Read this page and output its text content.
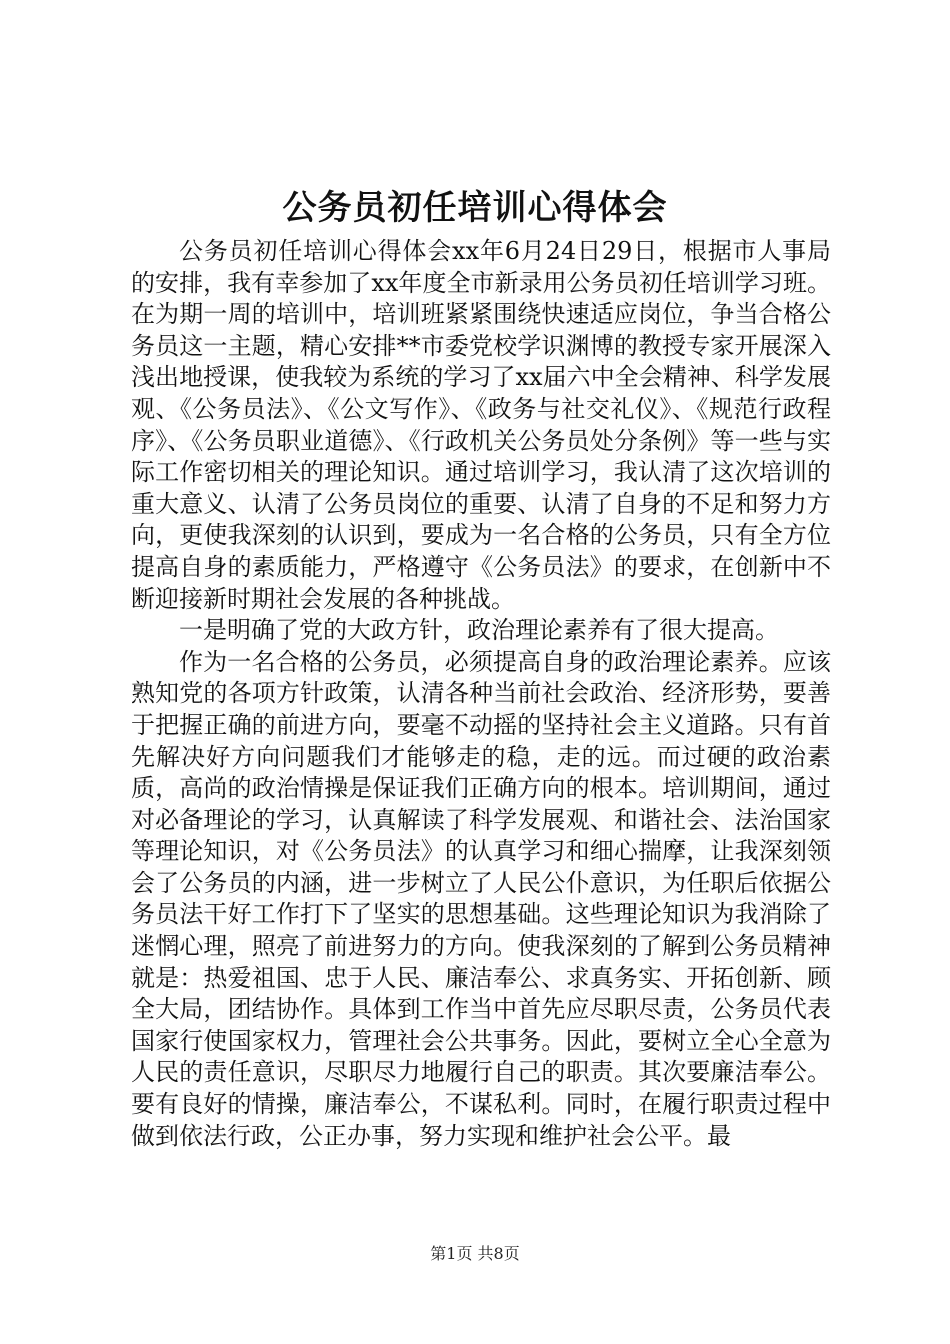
公务员初任培训心得体会

公务员初任培训心得体会xx年6月24日29日，根据市人事局的安排，我有幸参加了xx年度全市新录用公务员初任培训学习班。在为期一周的培训中，培训班紧紧围绕快速适应岗位，争当合格公务员这一主题，精心安排**市委党校学识渊博的教授专家开展深入浅出地授课，使我较为系统的学习了xx届六中全会精神、科学发展观、《公务员法》、《公文写作》、《政务与社交礼仪》、《规范行政程序》、《公务员职业道德》、《行政机关公务员处分条例》等一些与实际工作密切相关的理论知识。通过培训学习，我认清了这次培训的重大意义、认清了公务员岗位的重要、认清了自身的不足和努力方向，更使我深刻的认识到，要成为一名合格的公务员，只有全方位提高自身的素质能力，严格遵守《公务员法》的要求，在创新中不断迎接新时期社会发展的各种挑战。

一是明确了党的大政方针，政治理论素养有了很大提高。

作为一名合格的公务员，必须提高自身的政治理论素养。应该熟知党的各项方针政策，认清各种当前社会政治、经济形势，要善于把握正确的前进方向，要毫不动摇的坚持社会主义道路。只有首先解决好方向问题我们才能够走的稳，走的远。而过硬的政治素质，高尚的政治情操是保证我们正确方向的根本。培训期间，通过对必备理论的学习，认真解读了科学发展观、和谐社会、法治国家等理论知识，对《公务员法》的认真学习和细心揣摩，让我深刻领会了公务员的内涵，进一步树立了人民公仆意识，为任职后依据公务员法干好工作打下了坚实的思想基础。这些理论知识为我消除了迷惘心理，照亮了前进努力的方向。使我深刻的了解到公务员精神就是：热爱祖国、忠于人民、廉洁奉公、求真务实、开拓创新、顾全大局，团结协作。具体到工作当中首先应尽职尽责，公务员代表国家行使国家权力，管理社会公共事务。因此，要树立全心全意为人民的责任意识，尽职尽力地履行自己的职责。其次要廉洁奉公。要有良好的情操，廉洁奉公，不谋私利。同时，在履行职责过程中做到依法行政，公正办事，努力实现和维护社会公平。最

第1页 共8页
